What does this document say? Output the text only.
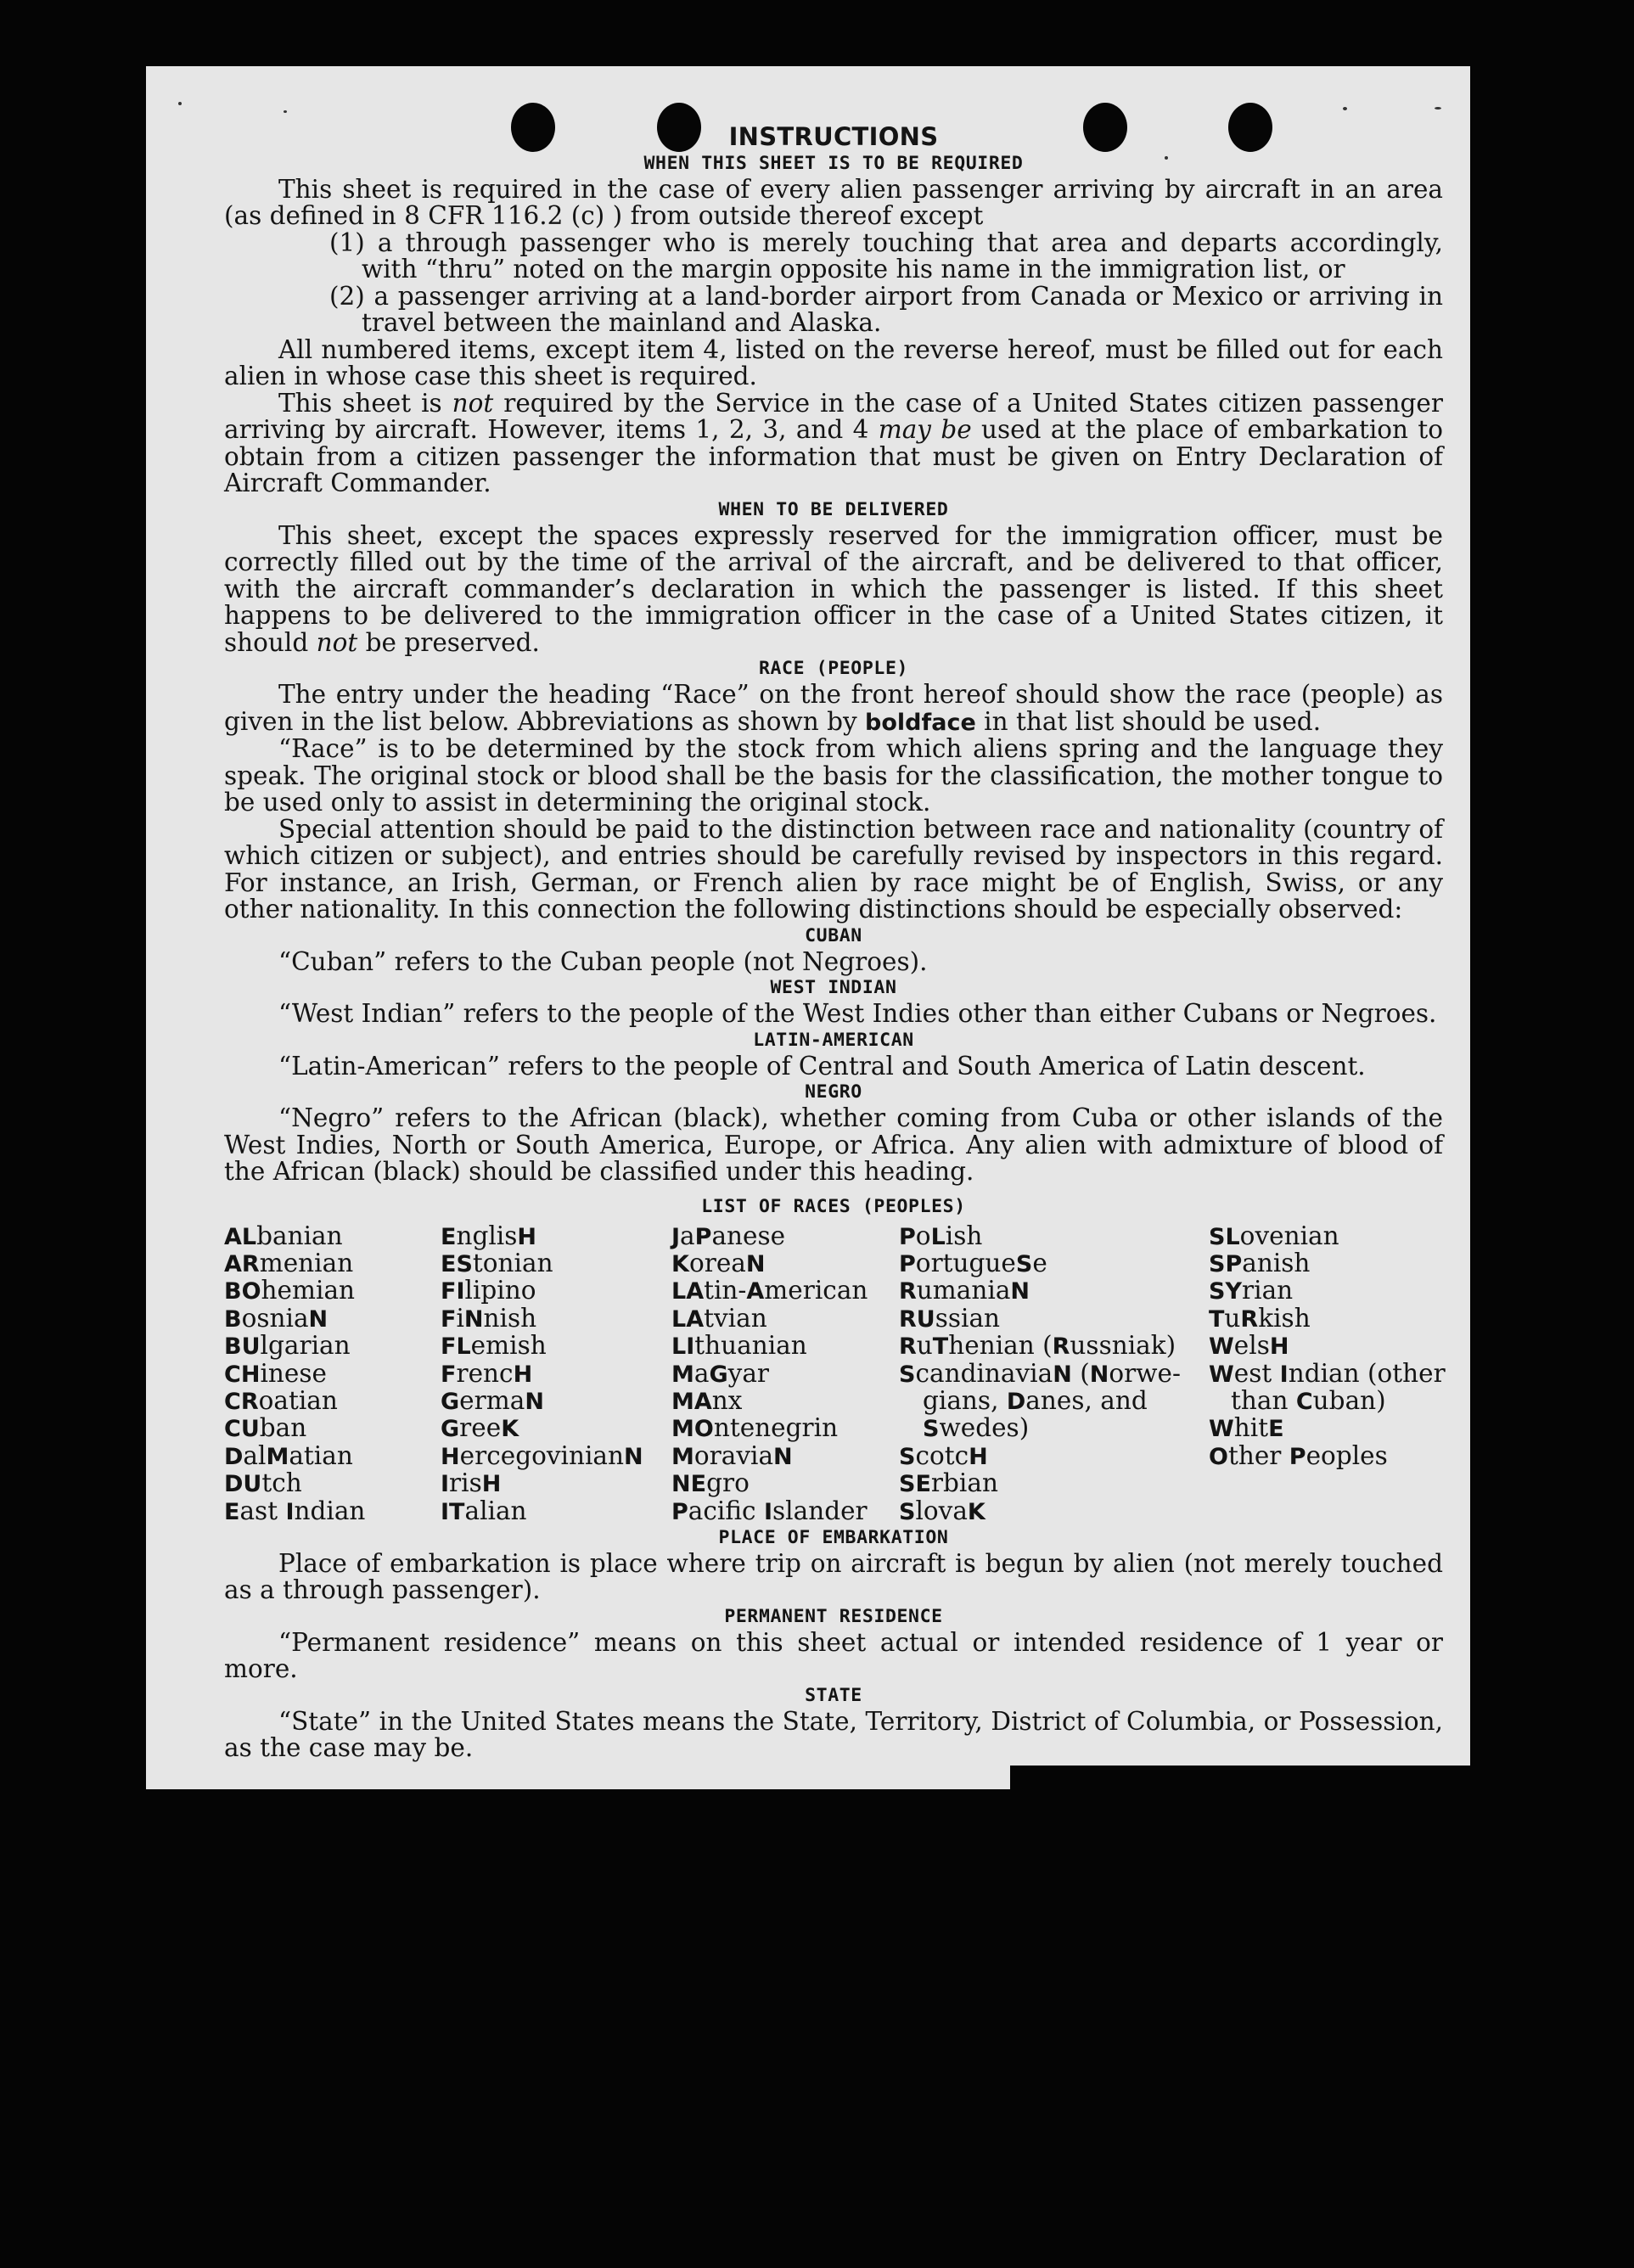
INSTRUCTIONS
WHEN THIS SHEET IS TO BE REQUIRED

This sheet is required in the case of every alien passenger arriving by aircraft in an area (as defined in 8 CFR 116.2 (c) ) from outside thereof except

(1) a through passenger who is merely touching that area and departs accordingly, with “thru” noted on the margin opposite his name in the immigration list, or

(2) a passenger arriving at a land-border airport from Canada or Mexico or arriving in travel between the mainland and Alaska.

All numbered items, except item 4, listed on the reverse hereof, must be filled out for each alien in whose case this sheet is required.

This sheet is not required by the Service in the case of a United States citizen passenger arriving by aircraft. However, items 1, 2, 3, and 4 may be used at the place of embarkation to obtain from a citizen passenger the information that must be given on Entry Declaration of Aircraft Commander.

WHEN TO BE DELIVERED

This sheet, except the spaces expressly reserved for the immigration officer, must be correctly filled out by the time of the arrival of the aircraft, and be delivered to that officer, with the aircraft commander’s declaration in which the passenger is listed. If this sheet happens to be delivered to the immigration officer in the case of a United States citizen, it should not be preserved.

RACE (PEOPLE)

The entry under the heading “Race” on the front hereof should show the race (people) as given in the list below. Abbreviations as shown by boldface in that list should be used.

“Race” is to be determined by the stock from which aliens spring and the language they speak. The original stock or blood shall be the basis for the classification, the mother tongue to be used only to assist in determining the original stock.

Special attention should be paid to the distinction between race and nationality (country of which citizen or subject), and entries should be carefully revised by inspectors in this regard. For instance, an Irish, German, or French alien by race might be of English, Swiss, or any other nationality. In this connection the following distinctions should be especially observed:

CUBAN

“Cuban” refers to the Cuban people (not Negroes).

WEST INDIAN

“West Indian” refers to the people of the West Indies other than either Cubans or Negroes.

LATIN-AMERICAN

“Latin-American” refers to the people of Central and South America of Latin descent.

NEGRO

“Negro” refers to the African (black), whether coming from Cuba or other islands of the West Indies, North or South America, Europe, or Africa. Any alien with admixture of blood of the African (black) should be classified under this heading.

LIST OF RACES (PEOPLES)
ALbanian
ARmenian
BOhemian
BosniaN
BUlgarian
CHinese
CRoatian
CUban
DalMatian
DUtch
East Indian
EnglisH
EStonian
FIlipino
FiNnish
FLemish
FrencH
GermaN
GreeK
HercegovinianN
IrisH
ITalian
JaPanese
KoreaN
LAtin-American
LAtvian
LIthuanian
MaGyar
MAnx
MOntenegrin
MoraviaN
NEgro
Pacifc Islander
PoLish
PortugueSe
RumaniaN
RUssian
RuThenian (Russniak)
ScandinaviaN (Norwe-
gians, Danes, and
Swedes)
ScotcH
SErbian
SlovaK
SLovenian
SPanish
SYrian
TuRkish
WelsH
West Indian (other
than Cuban)
WhitE
Other Peoples
PLACE OF EMBARKATION

Place of embarkation is place where trip on aircraft is begun by alien (not merely touched as a through passenger).

PERMANENT RESIDENCE

“Permanent residence” means on this sheet actual or intended residence of 1 year or more.

STATE

“State” in the United States means the State, Territory, District of Columbia, or Possession, as the case may be.
